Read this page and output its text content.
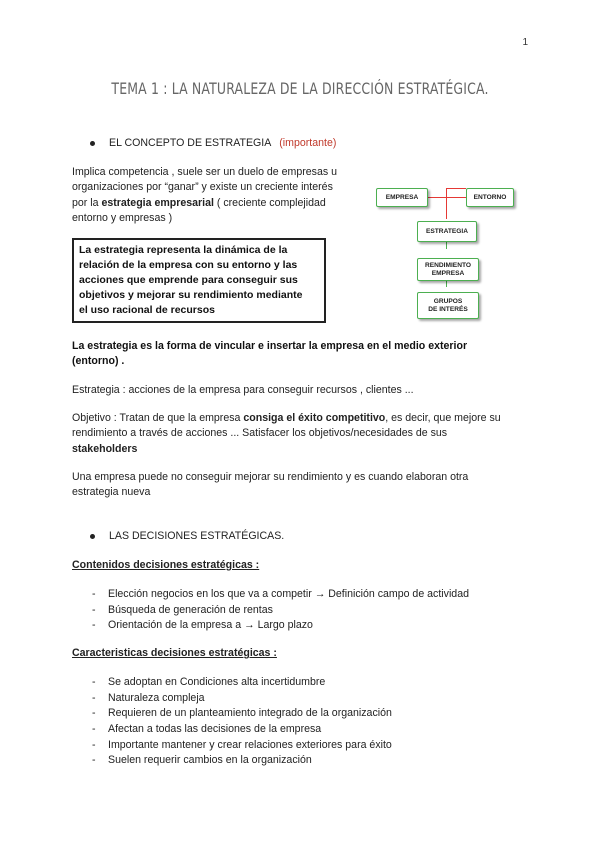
1
TEMA 1 : LA NATURALEZA DE LA DIRECCIÓN ESTRATÉGICA.
EL CONCEPTO DE ESTRATEGIA (importante)

Implica competencia , suele ser un duelo de empresas u

organizaciones por “ganar” y existe un creciente interés

por la estrategia empresarial ( creciente complejidad

entorno y empresas )

La estrategia representa la dinámica de la

relación de la empresa con su entorno y las

acciones que emprende para conseguir sus

objetivos y mejorar su rendimiento mediante

el uso racional de recursos

EMPRESA	ENTORNO
ESTRATEGIA
RENDIMIENTO
EMPRESA
GRUPOS
DE INTERÉS

La estrategia es la forma de vincular e insertar la empresa en el medio exterior

(entorno) .

Estrategia : acciones de la empresa para conseguir recursos , clientes ...

Objetivo : Tratan de que la empresa consiga el éxito competitivo, es decir, que mejore su

rendimiento a través de acciones ... Satisfacer los objetivos/necesidades de sus

stakeholders

Una empresa puede no conseguir mejorar su rendimiento y es cuando elaboran otra

estrategia nueva

LAS DECISIONES ESTRATÉGICAS.
Contenidos decisiones estratégicas :
-	Elección negocios en los que va a competir → Definición campo de actividad
-	Búsqueda de generación de rentas
-	Orientación de la empresa a → Largo plazo
Caracteristicas decisiones estratégicas :
-	Se adoptan en Condiciones alta incertidumbre
-	Naturaleza compleja
-	Requieren de un planteamiento integrado de la organización
-	Afectan a todas las decisiones de la empresa
-	Importante mantener y crear relaciones exteriores para éxito
-	Suelen requerir cambios en la organización
